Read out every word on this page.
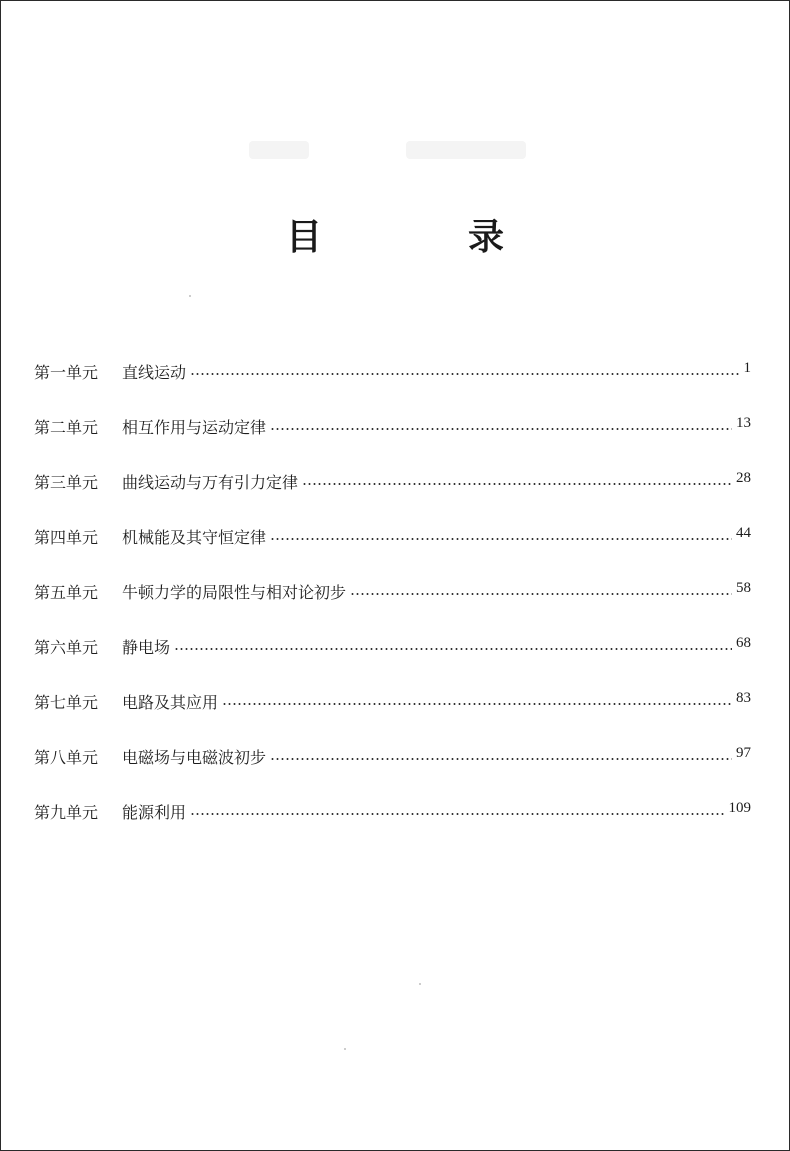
目　录
第一单元	直线运动	1
第二单元	相互作用与运动定律	13
第三单元	曲线运动与万有引力定律	28
第四单元	机械能及其守恒定律	44
第五单元	牛顿力学的局限性与相对论初步	58
第六单元	静电场	68
第七单元	电路及其应用	83
第八单元	电磁场与电磁波初步	97
第九单元	能源利用	109
